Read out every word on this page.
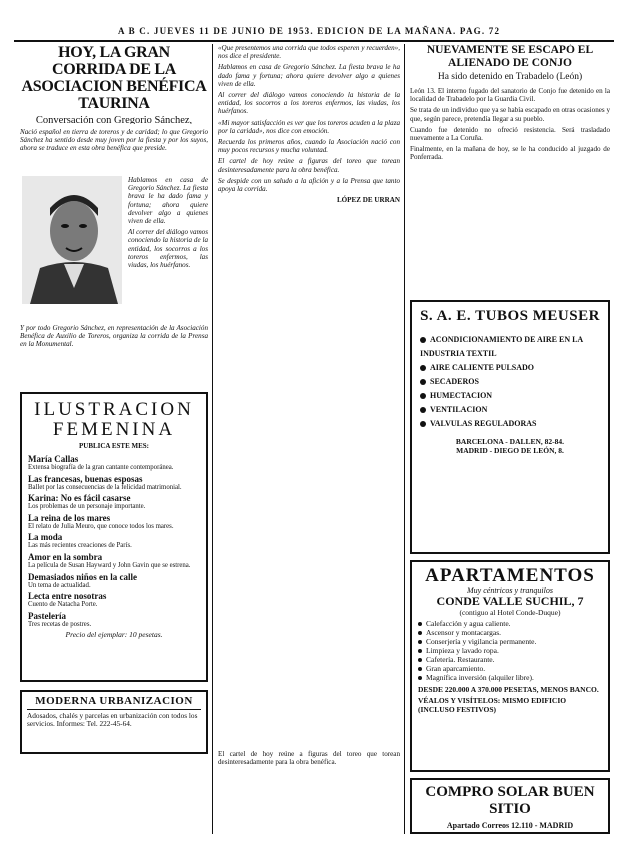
A B C. JUEVES 11 DE JUNIO DE 1953. EDICION DE LA MAÑANA. PAG. 72
HOY, LA GRAN CORRIDA DE LA ASOCIACION BENÉFICA TAURINA
Conversación con Gregorio Sánchez,

Nació español en tierra de toreros y de caridad; lo que Gregorio Sánchez ha sentido desde muy joven por la fiesta y por los suyos, ahora se traduce en esta obra benéfica que preside.

Hablamos en casa de Gregorio Sánchez. La fiesta brava le ha dado fama y fortuna; ahora quiere devolver algo a quienes viven de ella.

Al correr del diálogo vamos conociendo la historia de la entidad, los socorros a los toreros enfermos, las viudas, los huérfanos.

Y por todo Gregorio Sánchez, en representación de la Asociación Benéfica de Auxilio de Toreros, organiza la corrida de la Prensa en la Monumental.

«Que presentemos una corrida que todos esperen y recuerden», nos dice el presidente.

Hablamos en casa de Gregorio Sánchez. La fiesta brava le ha dado fama y fortuna; ahora quiere devolver algo a quienes viven de ella.

Al correr del diálogo vamos conociendo la historia de la entidad, los socorros a los toreros enfermos, las viudas, los huérfanos.

«Mi mayor satisfacción es ver que los toreros acuden a la plaza por la caridad», nos dice con emoción.

Recuerda los primeros años, cuando la Asociación nació con muy pocos recursos y mucha voluntad.

El cartel de hoy reúne a figuras del toreo que torean desinteresadamente para la obra benéfica.

Se despide con un saludo a la afición y a la Prensa que tanto apoya la corrida.

LÓPEZ DE URRAN

ILUSTRACION
FEMENINA
PUBLICA ESTE MES:

María Callas

Extensa biografía de la gran cantante contemporánea.

Las francesas, buenas esposas

Ballet por las consecuencias de la felicidad matrimonial.

Karina: No es fácil casarse

Los problemas de un personaje importante.

La reina de los mares

El relato de Julia Meuro, que conoce todos los mares.

La moda

Las más recientes creaciones de París.

Amor en la sombra

La película de Susan Hayward y John Gavin que se estrena.

Demasiados niños en la calle

Un tema de actualidad.

Lecta entre nosotras

Cuento de Natacha Porte.

Pastelería

Tres recetas de postres.

Precio del ejemplar: 10 pesetas.
MODERNA URBANIZACION

Adosados, chalés y parcelas en urbanización con todos los servicios. Informes: Tel. 222-45-64.

El cartel de hoy reúne a figuras del toreo que torean desinteresadamente para la obra benéfica.

NUEVAMENTE SE ESCAPÓ EL ALIENADO DE CONJO
Ha sido detenido en Trabadelo (León)

León 13. El interno fugado del sanatorio de Conjo fue detenido en la localidad de Trabadelo por la Guardia Civil.

Se trata de un individuo que ya se había escapado en otras ocasiones y que, según parece, pretendía llegar a su pueblo.

Cuando fue detenido no ofreció resistencia. Será trasladado nuevamente a La Coruña.

Finalmente, en la mañana de hoy, se le ha conducido al juzgado de Ponferrada.

S. A. E. TUBOS MEUSER

ACONDICIONAMIENTO DE AIRE EN LA INDUSTRIA TEXTIL

AIRE CALIENTE PULSADO

SECADEROS

HUMECTACION

VENTILACION

VALVULAS REGULADORAS

BARCELONA - DALLEN, 82-84.
MADRID - DIEGO DE LEÓN, 8.
APARTAMENTOS
Muy céntricos y tranquilos
CONDE VALLE SUCHIL, 7
(contiguo al Hotel Conde-Duque)
Calefacción y agua caliente.
Ascensor y montacargas.
Conserjería y vigilancia permanente.
Limpieza y lavado ropa.
Cafetería. Restaurante.
Gran aparcamiento.
Magnífica inversión (alquiler libre).
DESDE 220.000 A 370.000 PESETAS, MENOS BANCO.
VÉALOS Y VISÍTELOS: MISMO EDIFICIO (INCLUSO FESTIVOS)
COMPRO SOLAR BUEN SITIO
Apartado Correos 12.110 - MADRID
